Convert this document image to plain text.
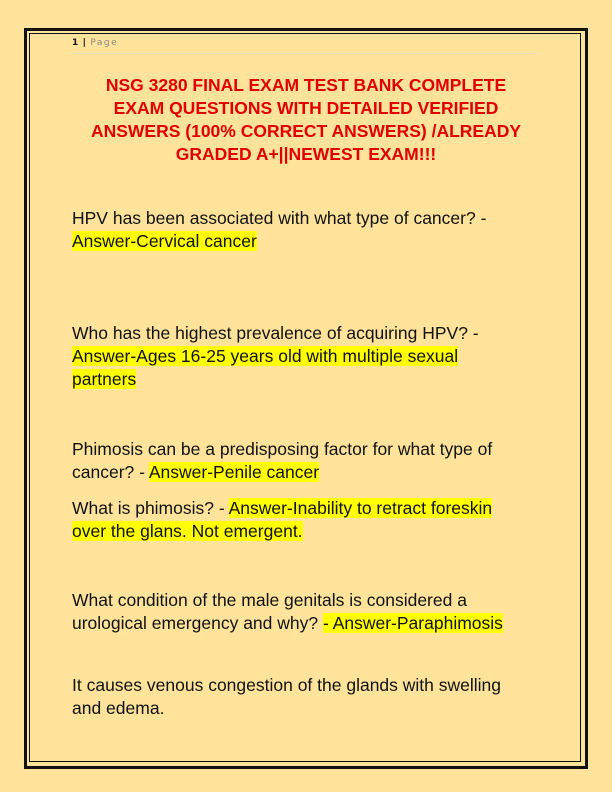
1 | Page
NSG 3280 FINAL EXAM TEST BANK COMPLETE
EXAM QUESTIONS WITH DETAILED VERIFIED
ANSWERS (100% CORRECT ANSWERS) /ALREADY
GRADED A+||NEWEST EXAM!!!
HPV has been associated with what type of cancer? -
Answer-Cervical cancer
Who has the highest prevalence of acquiring HPV? -
Answer-Ages 16-25 years old with multiple sexual
partners
Phimosis can be a predisposing factor for what type of
cancer? - Answer-Penile cancer
What is phimosis? - Answer-Inability to retract foreskin
over the glans. Not emergent.
What condition of the male genitals is considered a
urological emergency and why? - Answer-Paraphimosis
It causes venous congestion of the glands with swelling
and edema.
